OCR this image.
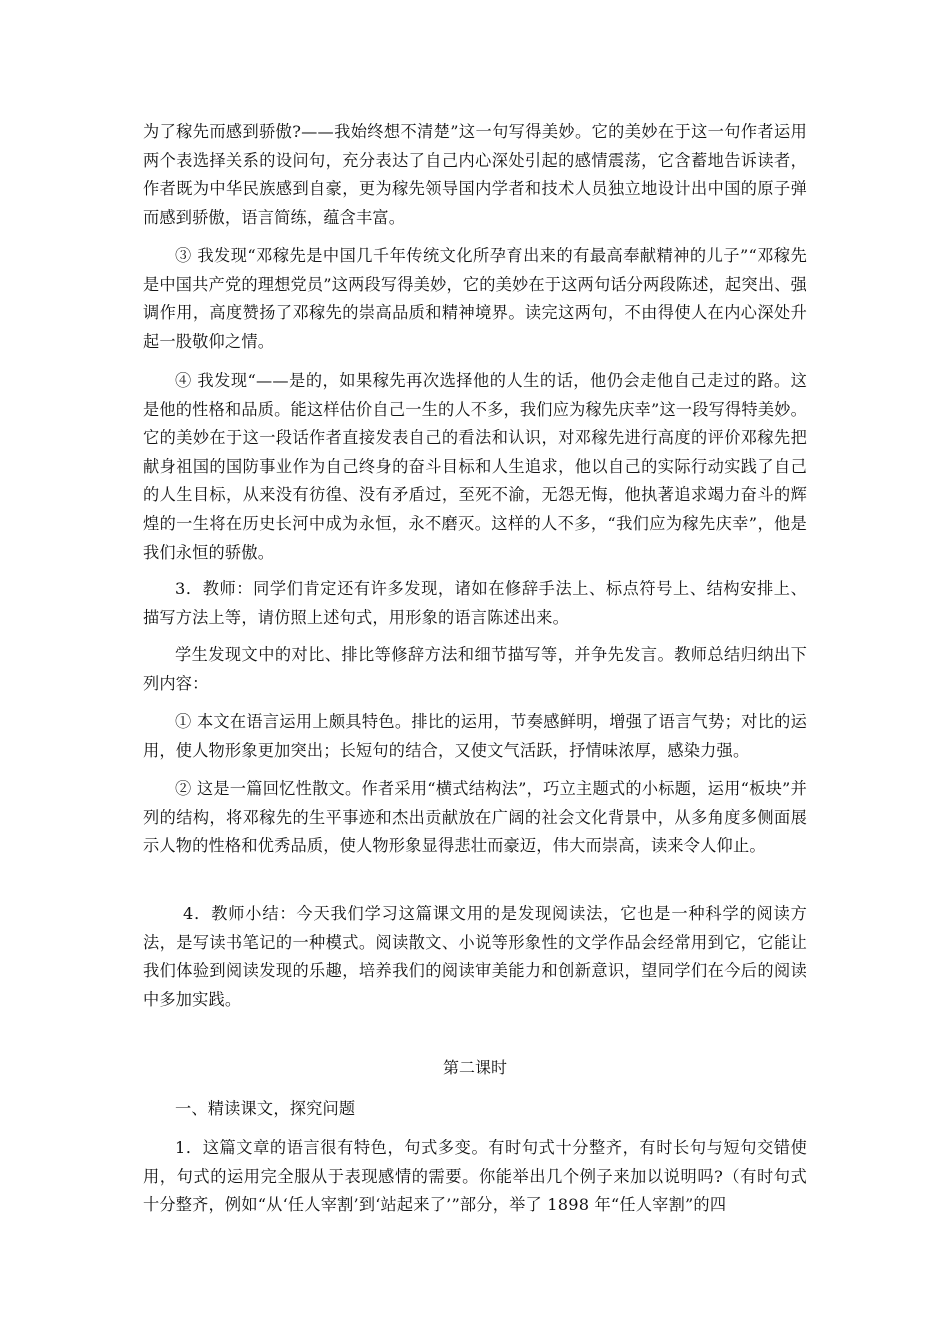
为了稼先而感到骄傲?——我始终想不清楚”这一句写得美妙。它的美妙在于这一句作者运用两个表选择关系的设问句，充分表达了自己内心深处引起的感情震荡，它含蓄地告诉读者，作者既为中华民族感到自豪，更为稼先领导国内学者和技术人员独立地设计出中国的原子弹而感到骄傲，语言简练，蕴含丰富。

③ 我发现“邓稼先是中国几千年传统文化所孕育出来的有最高奉献精神的儿子”“邓稼先是中国共产党的理想党员”这两段写得美妙，它的美妙在于这两句话分两段陈述，起突出、强调作用，高度赞扬了邓稼先的崇高品质和精神境界。读完这两句，不由得使人在内心深处升起一股敬仰之情。

④ 我发现“——是的，如果稼先再次选择他的人生的话，他仍会走他自己走过的路。这是他的性格和品质。能这样估价自己一生的人不多，我们应为稼先庆幸”这一段写得特美妙。它的美妙在于这一段话作者直接发表自己的看法和认识，对邓稼先进行高度的评价邓稼先把献身祖国的国防事业作为自己终身的奋斗目标和人生追求，他以自己的实际行动实践了自己的人生目标，从来没有彷徨、没有矛盾过，至死不渝，无怨无悔，他执著追求竭力奋斗的辉煌的一生将在历史长河中成为永恒，永不磨灭。这样的人不多，“我们应为稼先庆幸”，他是我们永恒的骄傲。

3．教师：同学们肯定还有许多发现，诸如在修辞手法上、标点符号上、结构安排上、描写方法上等，请仿照上述句式，用形象的语言陈述出来。

学生发现文中的对比、排比等修辞方法和细节描写等，并争先发言。教师总结归纳出下列内容：

① 本文在语言运用上颇具特色。排比的运用，节奏感鲜明，增强了语言气势；对比的运用，使人物形象更加突出；长短句的结合，又使文气活跃，抒情味浓厚，感染力强。

② 这是一篇回忆性散文。作者采用“横式结构法”，巧立主题式的小标题，运用“板块”并列的结构，将邓稼先的生平事迹和杰出贡献放在广阔的社会文化背景中，从多角度多侧面展示人物的性格和优秀品质，使人物形象显得悲壮而豪迈，伟大而崇高，读来令人仰止。

4．教师小结：今天我们学习这篇课文用的是发现阅读法，它也是一种科学的阅读方法，是写读书笔记的一种模式。阅读散文、小说等形象性的文学作品会经常用到它，它能让我们体验到阅读发现的乐趣，培养我们的阅读审美能力和创新意识，望同学们在今后的阅读中多加实践。

第二课时

一、精读课文，探究问题

1．这篇文章的语言很有特色，句式多变。有时句式十分整齐，有时长句与短句交错使用，句式的运用完全服从于表现感情的需要。你能举出几个例子来加以说明吗?（有时句式十分整齐，例如“从‘任人宰割’到‘站起来了’”部分，举了 1898 年“任人宰割”的四
